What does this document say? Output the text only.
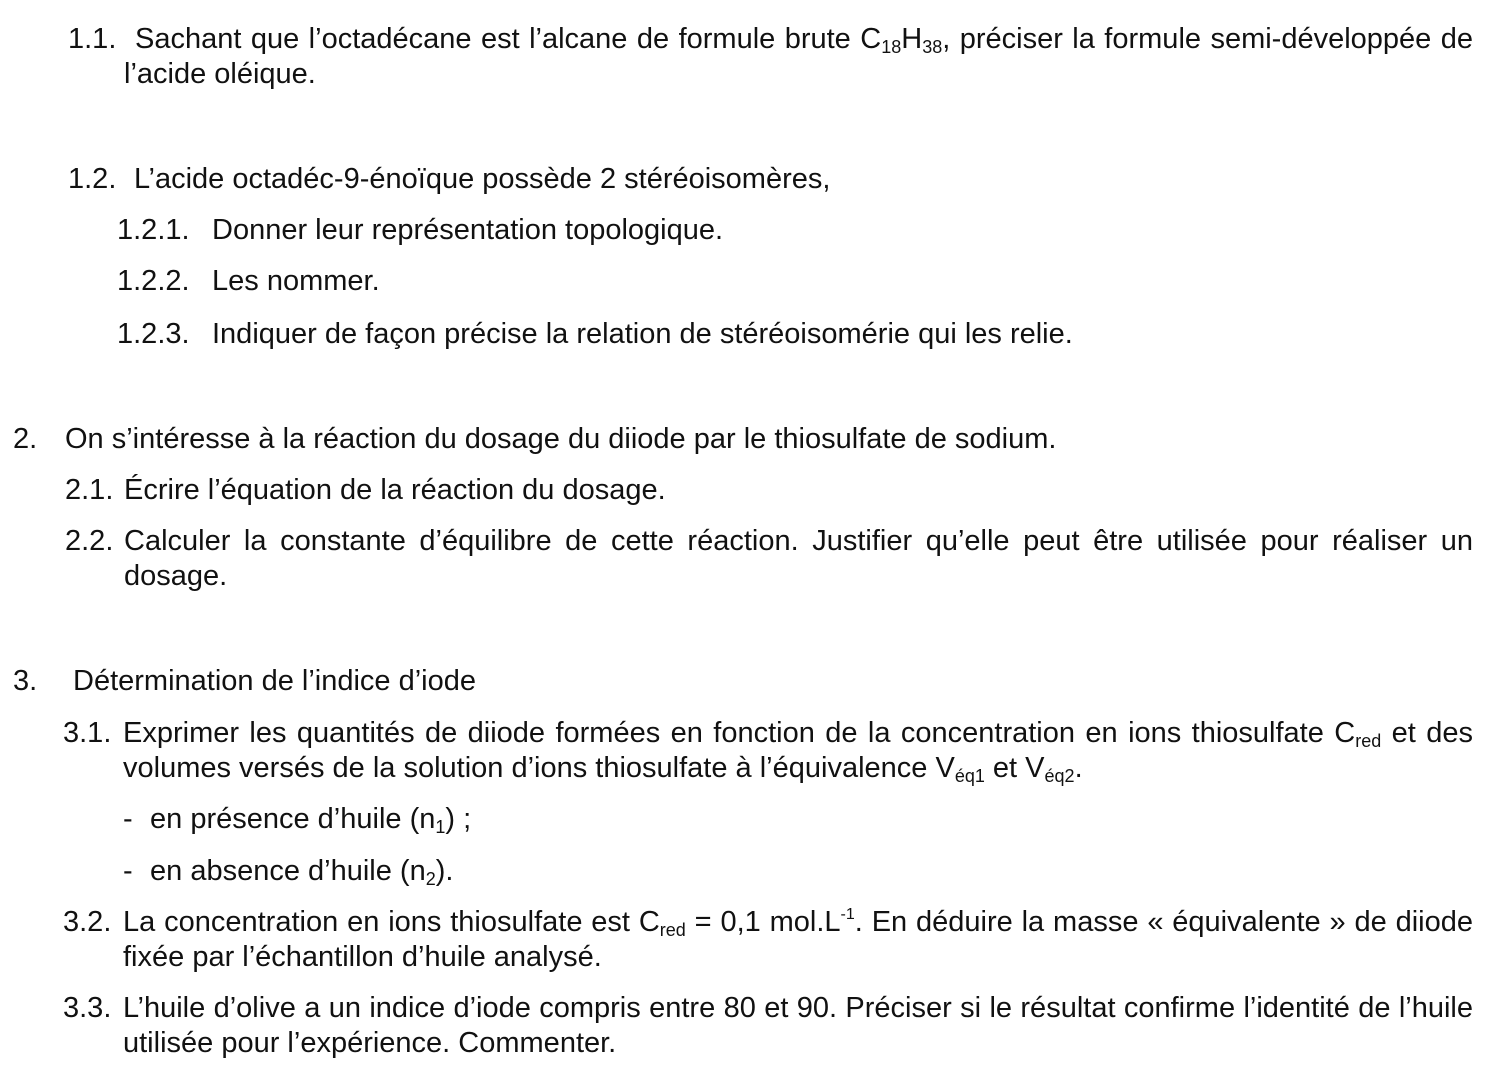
1.1. Sachant que l’octadécane est l’alcane de formule brute $C_{18}H_{38}$, préciser la formule semi-développée de l’acide oléique.
1.2. L’acide octadéc-9-énoïque possède 2 stéréoisomères,
1.2.1. Donner leur représentation topologique.
1.2.2. Les nommer.
1.2.3. Indiquer de façon précise la relation de stéréoisomérie qui les relie.
2. On s’intéresse à la réaction du dosage du diiode par le thiosulfate de sodium.
2.1. Écrire l’équation de la réaction du dosage.
2.2. Calculer la constante d’équilibre de cette réaction. Justifier qu’elle peut être utilisée pour réaliser un dosage.
3.	Détermination de l’indice d’iode
3.1. Exprimer les quantités de diiode formées en fonction de la concentration en ions thiosulfate $C_{red}$ et des volumes versés de la solution d’ions thiosulfate à l’équivalence $V_{éq1}$ et $V_{éq2}$.
- en présence d’huile $(n_1)$ ;
- en absence d’huile $(n_2)$.
3.2. La concentration en ions thiosulfate est $C_{red} = 0,1$ $mol.L^{-1}$. En déduire la masse « équivalente » de diiode fixée par l’échantillon d’huile analysé.
3.3. L’huile d’olive a un indice d’iode compris entre 80 et 90. Préciser si le résultat confirme l’identité de l’huile utilisée pour l’expérience. Commenter.
